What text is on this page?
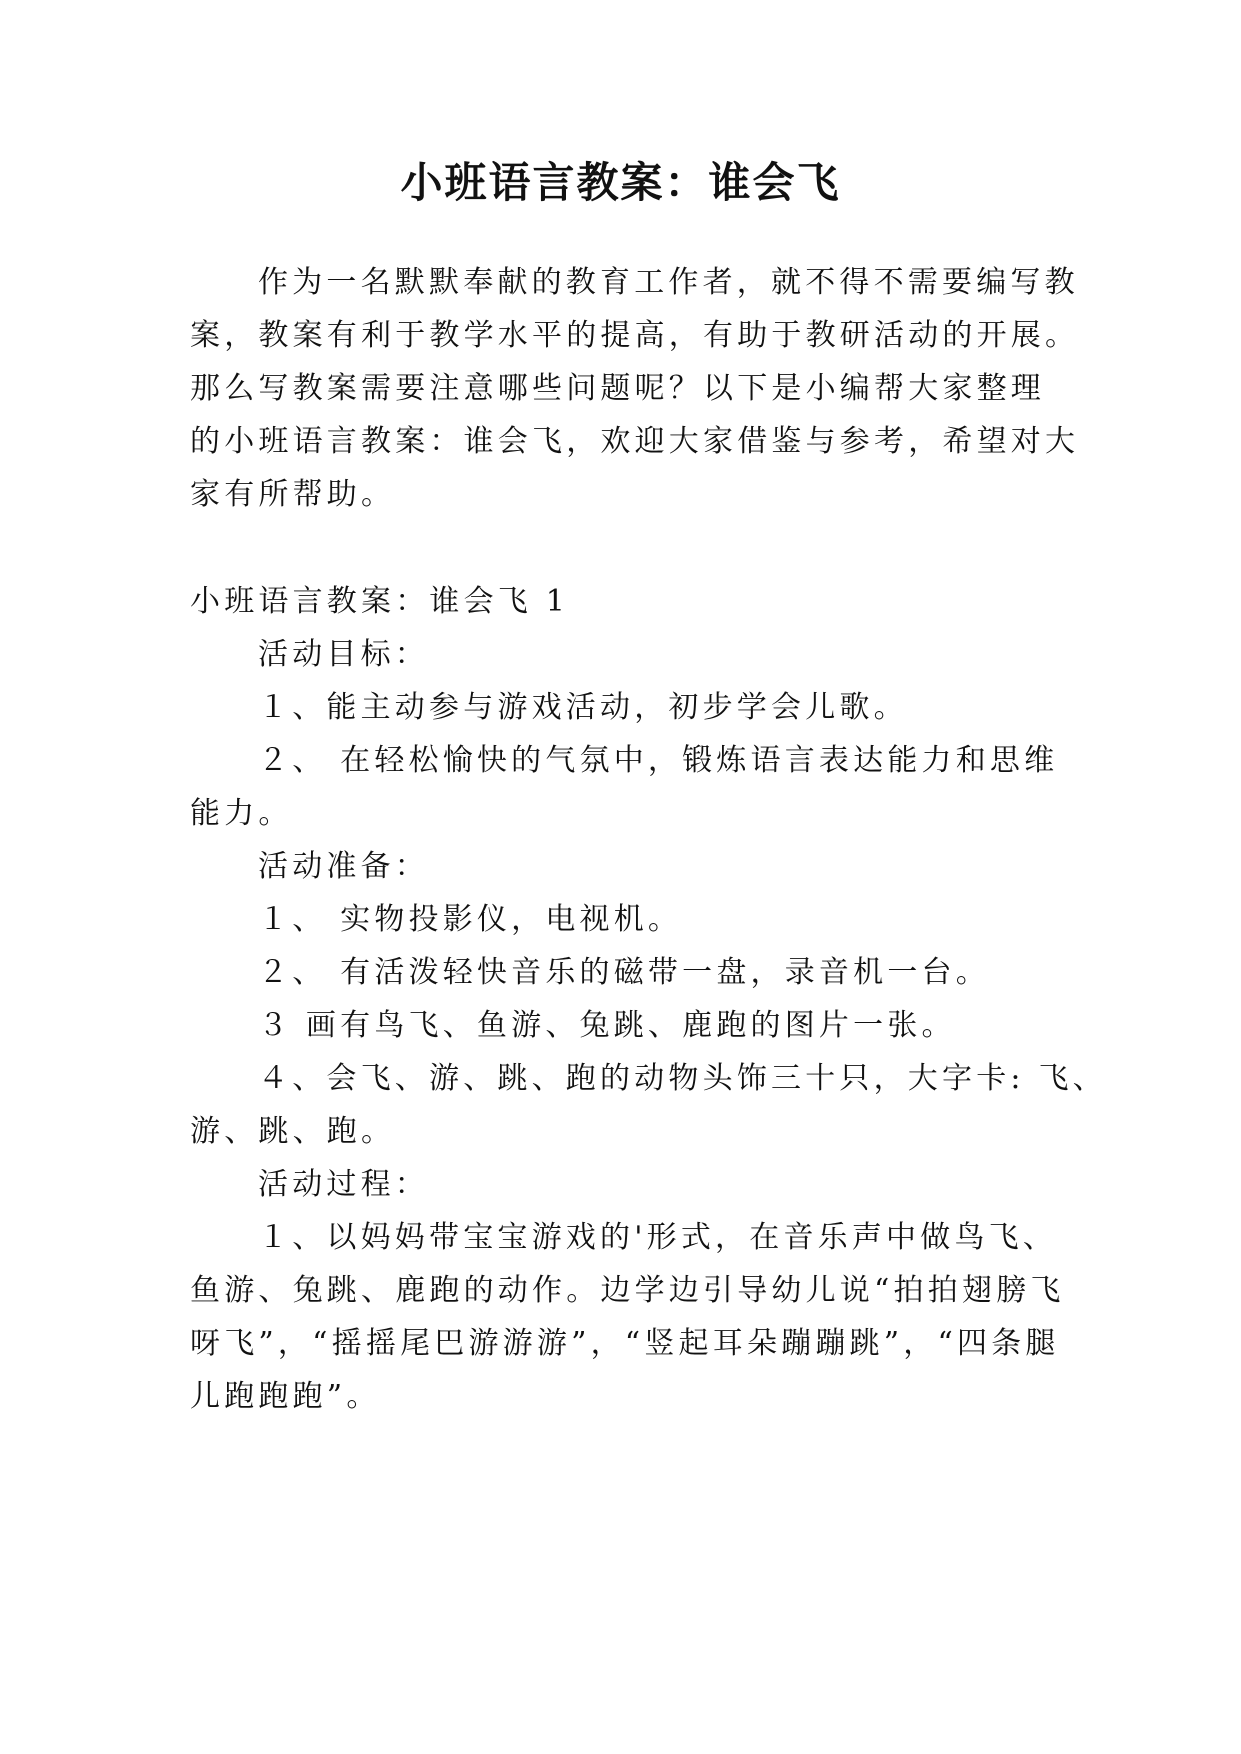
小班语言教案：谁会飞
作为一名默默奉献的教育工作者，就不得不需要编写教
案，教案有利于教学水平的提高，有助于教研活动的开展。
那么写教案需要注意哪些问题呢？以下是小编帮大家整理
的小班语言教案：谁会飞，欢迎大家借鉴与参考，希望对大
家有所帮助。
小班语言教案：谁会飞 1
活动目标：
１、能主动参与游戏活动，初步学会儿歌。
２、 在轻松愉快的气氛中，锻炼语言表达能力和思维
能力。
活动准备：
１、 实物投影仪，电视机。
２、 有活泼轻快音乐的磁带一盘，录音机一台。
３ 画有鸟飞、鱼游、兔跳、鹿跑的图片一张。
４、会飞、游、跳、跑的动物头饰三十只，大字卡: 飞、
游、跳、跑。
活动过程：
１、以妈妈带宝宝游戏的'形式，在音乐声中做鸟飞、
鱼游、兔跳、鹿跑的动作。边学边引导幼儿说“拍拍翅膀飞
呀飞”，“摇摇尾巴游游游”，“竖起耳朵蹦蹦跳”，“四条腿
儿跑跑跑”。
